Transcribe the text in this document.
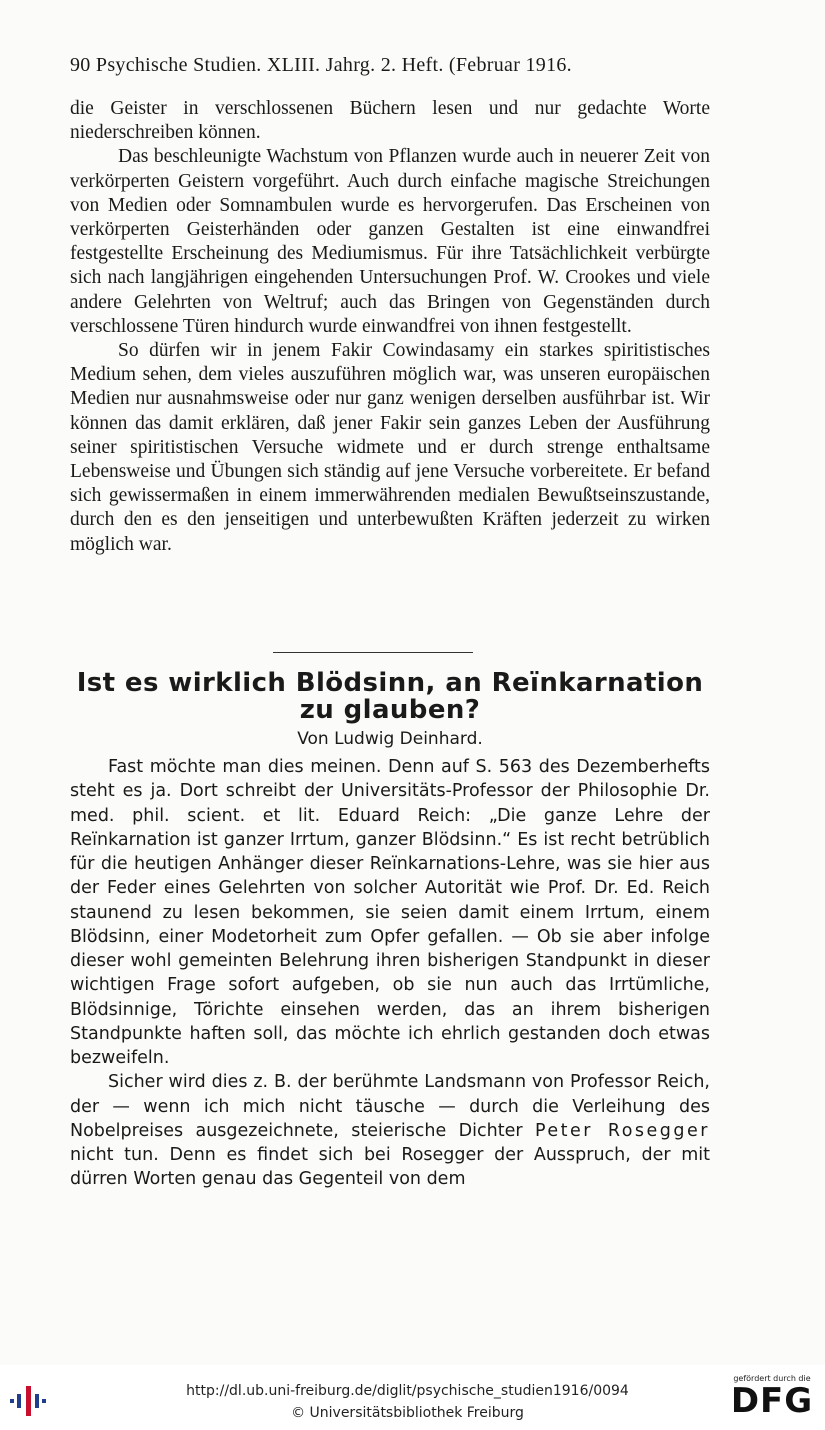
90 Psychische Studien. XLIII. Jahrg. 2. Heft. (Februar 1916.

die Geister in verschlossenen Büchern lesen und nur gedachte Worte niederschreiben können.

Das beschleunigte Wachstum von Pflanzen wurde auch in neuerer Zeit von verkörperten Geistern vorgeführt. Auch durch einfache magische Streichungen von Medien oder Somnambulen wurde es hervorgerufen. Das Erscheinen von verkörperten Geisterhänden oder ganzen Gestalten ist eine einwandfrei festgestellte Erscheinung des Mediumismus. Für ihre Tatsächlichkeit verbürgte sich nach langjährigen eingehenden Untersuchungen Prof. W. Crookes und viele andere Gelehrten von Weltruf; auch das Bringen von Gegenständen durch verschlossene Türen hindurch wurde einwandfrei von ihnen festgestellt.

So dürfen wir in jenem Fakir Cowindasamy ein starkes spiritistisches Medium sehen, dem vieles auszuführen möglich war, was unseren europäischen Medien nur ausnahmsweise oder nur ganz wenigen derselben ausführbar ist. Wir können das damit erklären, daß jener Fakir sein ganzes Leben der Ausführung seiner spiritistischen Versuche widmete und er durch strenge enthaltsame Lebensweise und Übungen sich ständig auf jene Versuche vorbereitete. Er befand sich gewissermaßen in einem immerwährenden medialen Bewußtseinszustande, durch den es den jenseitigen und unterbewußten Kräften jederzeit zu wirken möglich war.

Ist es wirklich Blödsinn, an Reïnkarnation
zu glauben?
Von Ludwig Deinhard.

Fast möchte man dies meinen. Denn auf S. 563 des Dezemberhefts steht es ja. Dort schreibt der Universitäts-Professor der Philosophie Dr. med. phil. scient. et lit. Eduard Reich: „Die ganze Lehre der Reïnkarnation ist ganzer Irrtum, ganzer Blödsinn.“ Es ist recht betrüblich für die heutigen Anhänger dieser Reïnkarnations-Lehre, was sie hier aus der Feder eines Gelehrten von solcher Autorität wie Prof. Dr. Ed. Reich staunend zu lesen bekommen, sie seien damit einem Irrtum, einem Blödsinn, einer Modetorheit zum Opfer gefallen. — Ob sie aber infolge dieser wohl gemeinten Belehrung ihren bisherigen Standpunkt in dieser wichtigen Frage sofort aufgeben, ob sie nun auch das Irrtümliche, Blödsinnige, Törichte einsehen werden, das an ihrem bisherigen Standpunkte haften soll, das möchte ich ehrlich gestanden doch etwas bezweifeln.

Sicher wird dies z. B. der berühmte Landsmann von Professor Reich, der — wenn ich mich nicht täusche — durch die Verleihung des Nobelpreises ausgezeichnete, steierische Dichter Peter Rosegger nicht tun. Denn es findet sich bei Rosegger der Ausspruch, der mit dürren Worten genau das Gegenteil von dem

http://dl.ub.uni-freiburg.de/diglit/psychische_studien1916/0094
© Universitätsbibliothek Freiburg
gefördert durch die
DFG
